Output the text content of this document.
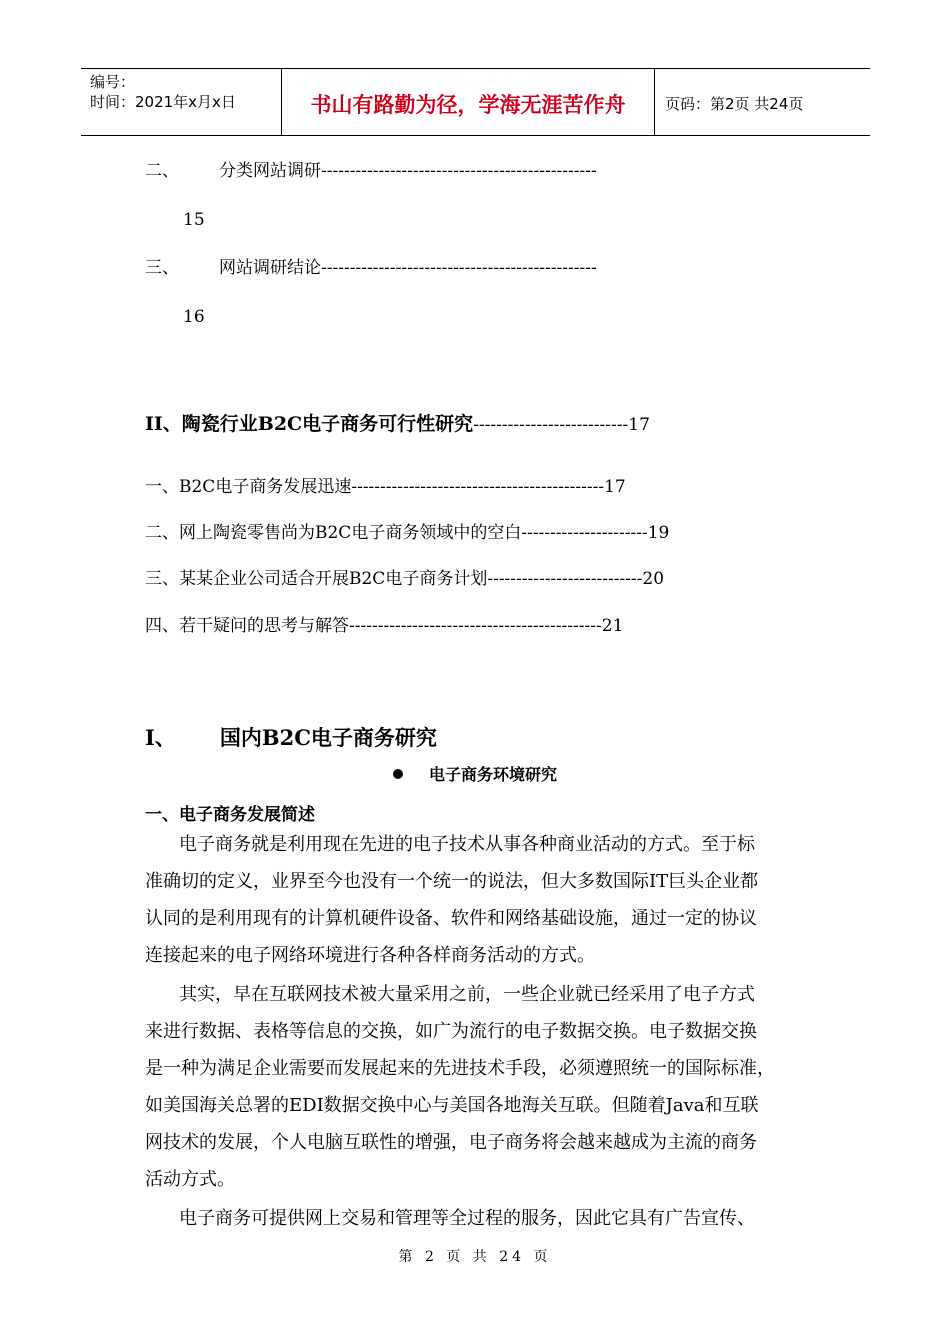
编号：
时间：2021年x月x日	书山有路勤为径，学海无涯苦作舟	页码：第2页 共24页
二、 分类网站调研------------------------------------------------
15
三、 网站调研结论------------------------------------------------
16
II、陶瓷行业B2C电子商务可行性研究---------------------------17
一、B2C电子商务发展迅速--------------------------------------------17
二、网上陶瓷零售尚为B2C电子商务领域中的空白----------------------19
三、某某企业公司适合开展B2C电子商务计划---------------------------20
四、若干疑问的思考与解答--------------------------------------------21
I、 国内B2C电子商务研究
电子商务环境研究
一、电子商务发展简述
电子商务就是利用现在先进的电子技术从事各种商业活动的方式。至于标
准确切的定义，业界至今也没有一个统一的说法，但大多数国际IT巨头企业都
认同的是利用现有的计算机硬件设备、软件和网络基础设施，通过一定的协议
连接起来的电子网络环境进行各种各样商务活动的方式。
其实，早在互联网技术被大量采用之前，一些企业就已经采用了电子方式
来进行数据、表格等信息的交换，如广为流行的电子数据交换。电子数据交换
是一种为满足企业需要而发展起来的先进技术手段，必须遵照统一的国际标准，
如美国海关总署的EDI数据交换中心与美国各地海关互联。但随着Java和互联
网技术的发展，个人电脑互联性的增强，电子商务将会越来越成为主流的商务
活动方式。
电子商务可提供网上交易和管理等全过程的服务，因此它具有广告宣传、
第 2 页 共 24 页
